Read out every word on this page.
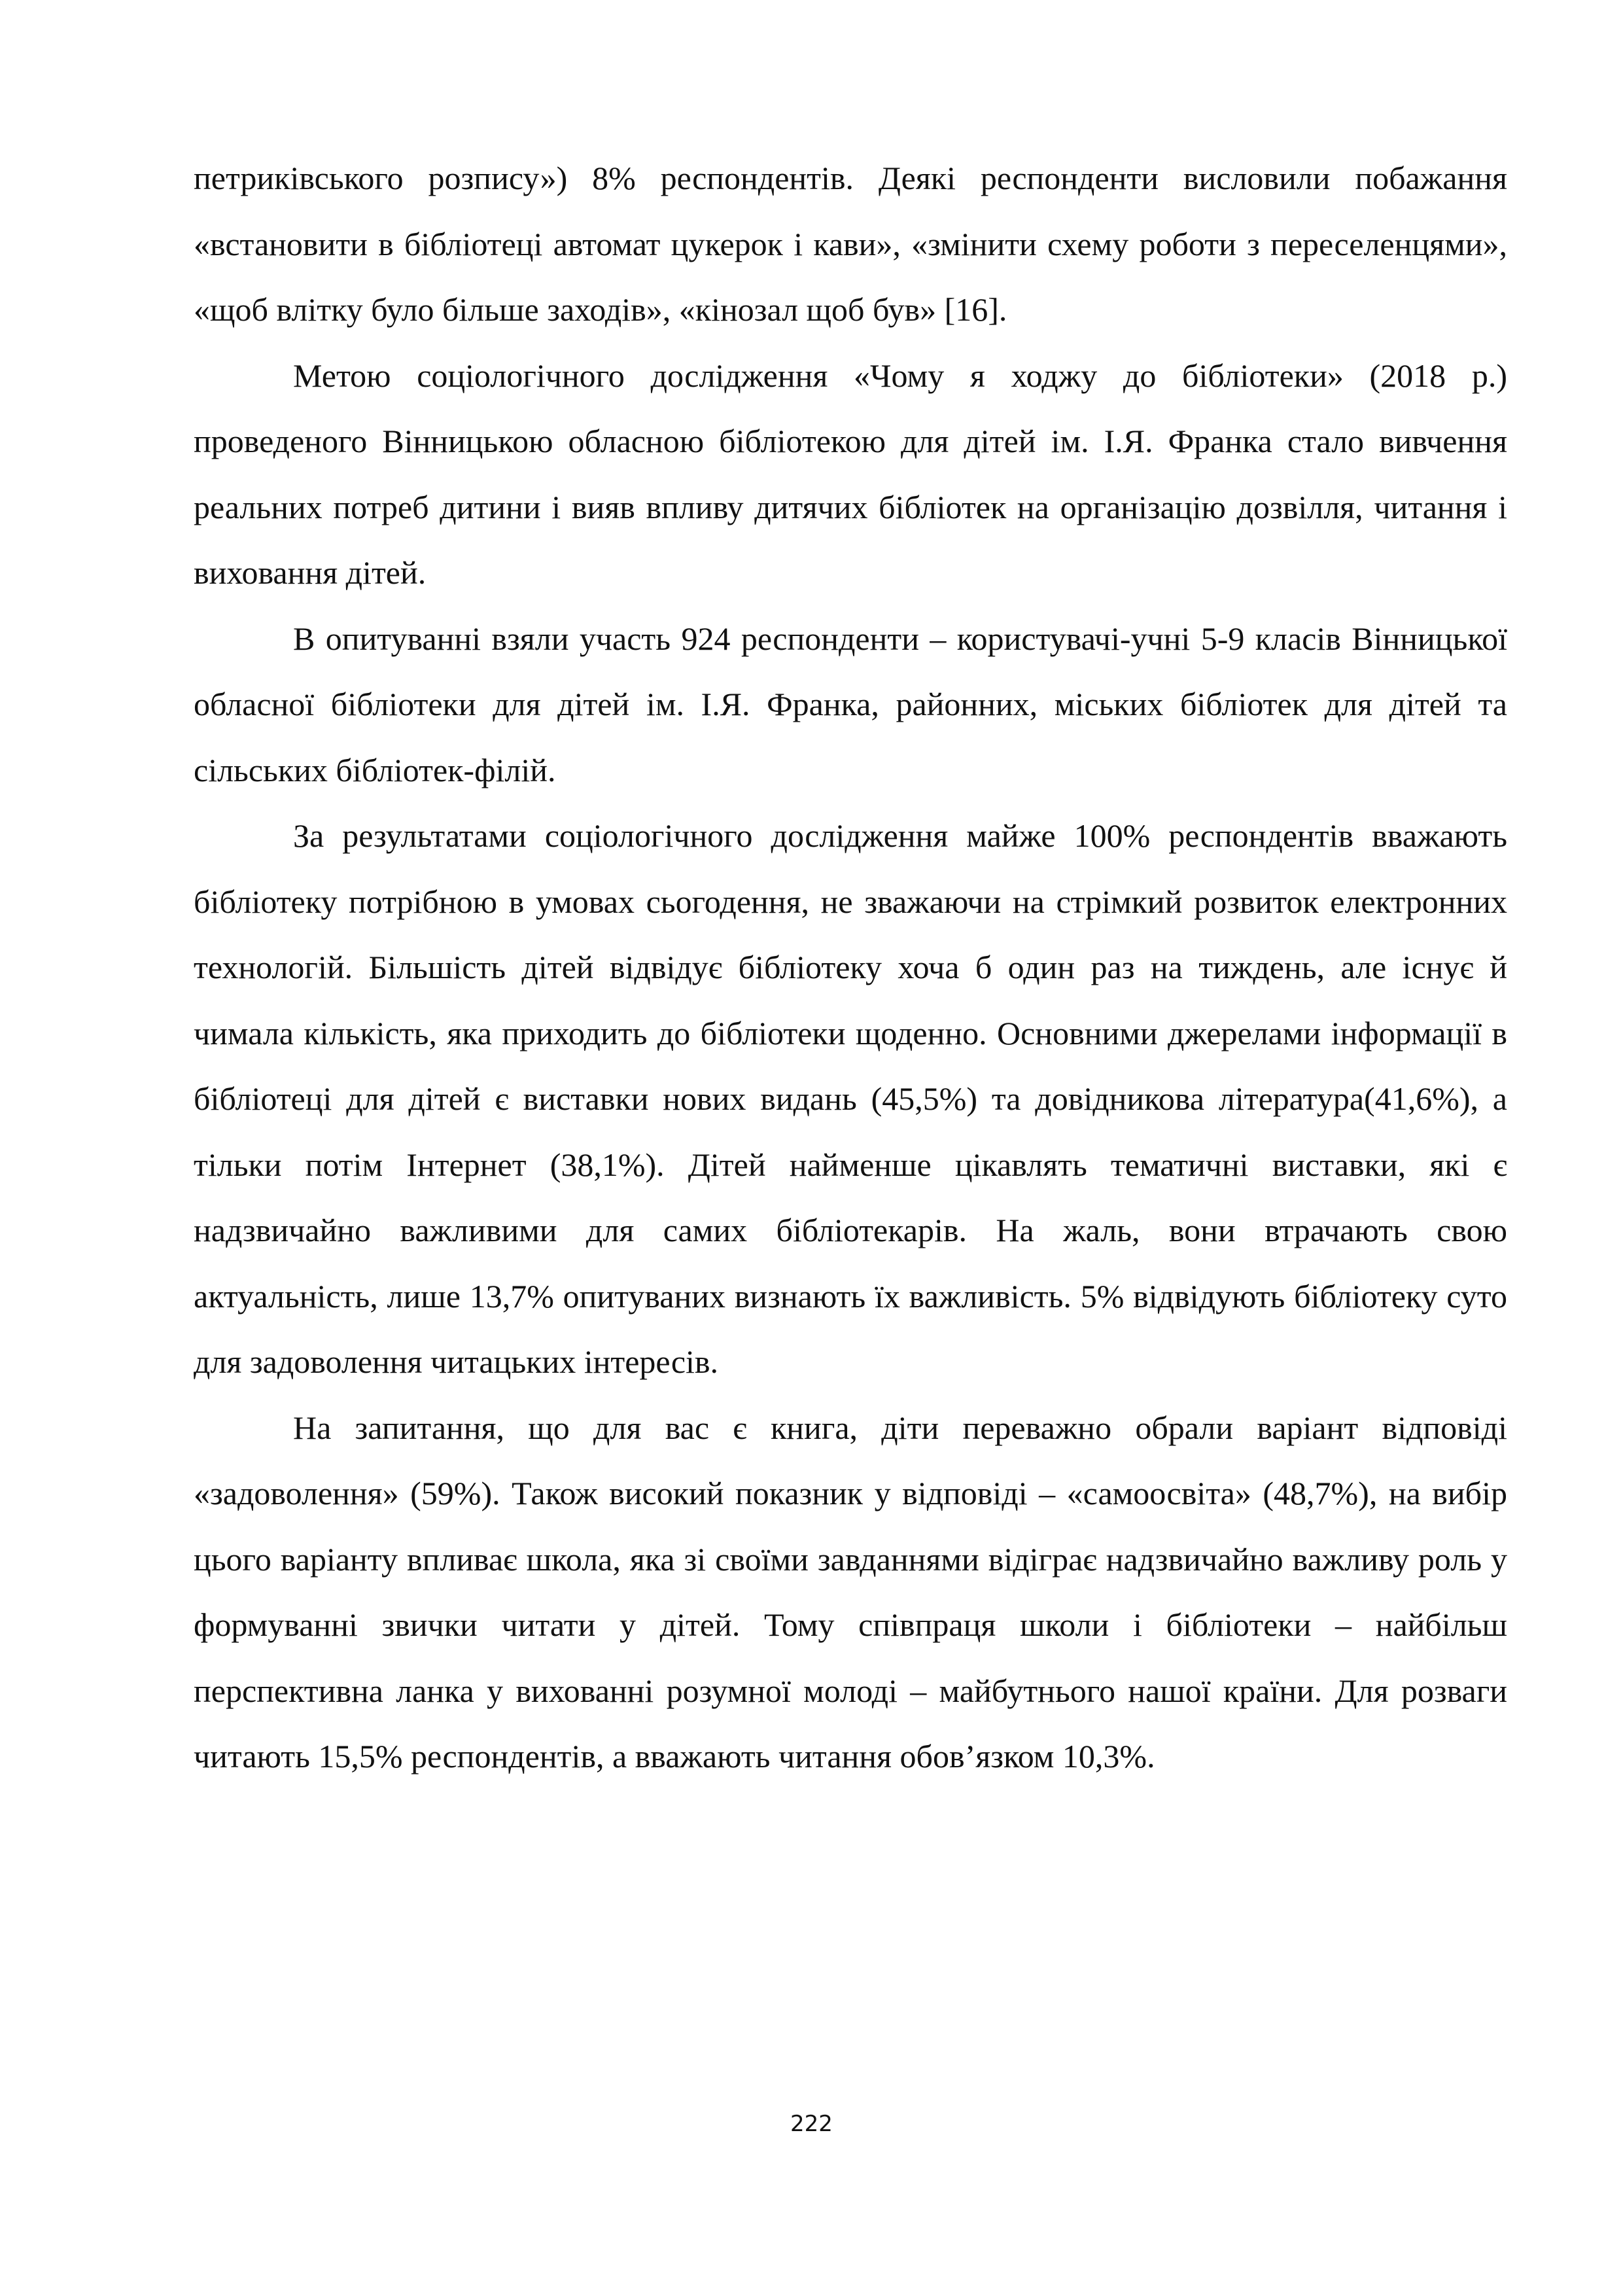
петриківського розпису») 8% респондентів. Деякі респонденти висловили побажання «встановити в бібліотеці автомат цукерок і кави», «змінити схему роботи з переселенцями», «щоб влітку було більше заходів», «кінозал щоб був» [16].

Метою соціологічного дослідження «Чому я ходжу до бібліотеки» (2018 р.) проведеного Вінницькою обласною бібліотекою для дітей ім. І.Я. Франка стало вивчення реальних потреб дитини і вияв впливу дитячих бібліотек на організацію дозвілля, читання і виховання дітей.

В опитуванні взяли участь 924 респонденти – користувачі-учні 5-9 класів Вінницької обласної бібліотеки для дітей ім. І.Я. Франка, районних, міських бібліотек для дітей та сільських бібліотек-філій.

За результатами соціологічного дослідження майже 100% респондентів вважають бібліотеку потрібною в умовах сьогодення, не зважаючи на стрімкий розвиток електронних технологій. Більшість дітей відвідує бібліотеку хоча б один раз на тиждень, але існує й чимала кількість, яка приходить до бібліотеки щоденно. Основними джерелами інформації в бібліотеці для дітей є виставки нових видань (45,5%) та довідникова література(41,6%), а тільки потім Інтернет (38,1%). Дітей найменше цікавлять тематичні виставки, які є надзвичайно важливими для самих бібліотекарів. На жаль, вони втрачають свою актуальність, лише 13,7% опитуваних визнають їх важливість. 5% відвідують бібліотеку суто для задоволення читацьких інтересів.

На запитання, що для вас є книга, діти переважно обрали варіант відповіді «задоволення» (59%). Також високий показник у відповіді – «самоосвіта» (48,7%), на вибір цього варіанту впливає школа, яка зі своїми завданнями відіграє надзвичайно важливу роль у формуванні звички читати у дітей. Тому співпраця школи і бібліотеки – найбільш перспективна ланка у вихованні розумної молоді – майбутнього нашої країни. Для розваги читають 15,5% респондентів, а вважають читання обов’язком 10,3%.

222
